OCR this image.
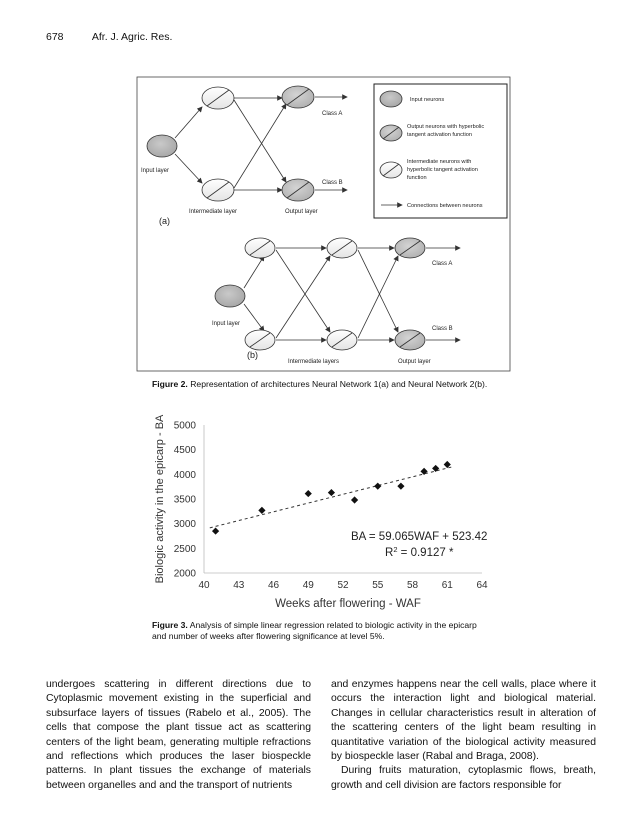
678	Afr. J. Agric. Res.
Input layer
Intermediate layer	Output layer
Class A
Class B
(a)
Input neurons
Output neurons with hyperbolic
tangent activation function
Intermediate neurons with
hyperbolic tangent activation
function
Connections between neurons
Input layer
Intermediate layers	Output layer
Class A
Class B
(b)
Figure 2. Representation of architectures Neural Network 1(a) and Neural Network 2(b).
2000
2500
3000
3500
4000
4500
5000
40 43 46 49 52 55 58 61 64
Weeks after flowering - WAF
Biologic activity in the epicarp - BA	BA = 59.065WAF + 523.42
$R^2 = 0.9127$ *
Figure 3. Analysis of simple linear regression related to biologic activity in the epicarp
and number of weeks after flowering significance at level 5%.

undergoes scattering in different directions due to Cytoplasmic movement existing in the superficial and subsurface layers of tissues (Rabelo et al., 2005). The cells that compose the plant tissue act as scattering centers of the light beam, generating multiple refractions and reflections which produces the laser biospeckle patterns. In plant tissues the exchange of materials between organelles and and the transport of nutrients

and enzymes happens near the cell walls, place where it occurs the interaction light and biological material. Changes in cellular characteristics result in alteration of the scattering centers of the light beam resulting in quantitative variation of the biological activity measured by biospeckle laser (Rabal and Braga, 2008).

During fruits maturation, cytoplasmic flows, breath, growth and cell division are factors responsible for
